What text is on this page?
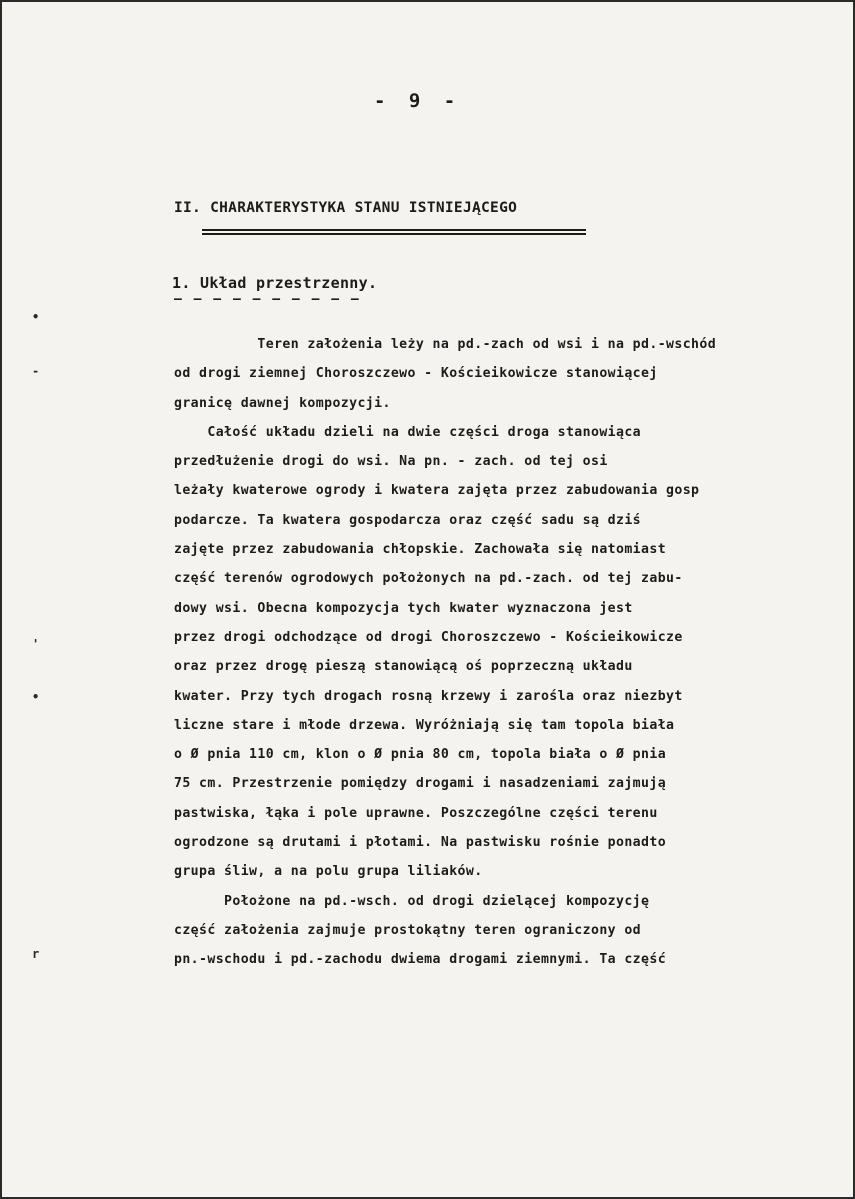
- 9 -
II. CHARAKTERYSTYKA STANU ISTNIEJĄCEGO
1. Układ przestrzenny.
— — — — — — — — — —
•
-
'
•
r
Teren założenia leży na pd.-zach od wsi i na pd.-wschód
od drogi ziemnej Choroszczewo - Kościeikowicze stanowiącej
granicę dawnej kompozycji.
Całość układu dzieli na dwie części droga stanowiąca
przedłużenie drogi do wsi. Na pn. - zach. od tej osi
leżały kwaterowe ogrody i kwatera zajęta przez zabudowania gosp
podarcze. Ta kwatera gospodarcza oraz część sadu są dziś
zajęte przez zabudowania chłopskie. Zachowała się natomiast
część terenów ogrodowych położonych na pd.-zach. od tej zabu-
dowy wsi. Obecna kompozycja tych kwater wyznaczona jest
przez drogi odchodzące od drogi Choroszczewo - Kościeikowicze
oraz przez drogę pieszą stanowiącą oś poprzeczną układu
kwater. Przy tych drogach rosną krzewy i zarośla oraz niezbyt
liczne stare i młode drzewa. Wyróżniają się tam topola biała
o Ø pnia 110 cm, klon o Ø pnia 80 cm, topola biała o Ø pnia
75 cm. Przestrzenie pomiędzy drogami i nasadzeniami zajmują
pastwiska, łąka i pole uprawne. Poszczególne części terenu
ogrodzone są drutami i płotami. Na pastwisku rośnie ponadto
grupa śliw, a na polu grupa liliaków.
Położone na pd.-wsch. od drogi dzielącej kompozycję
część założenia zajmuje prostokątny teren ograniczony od
pn.-wschodu i pd.-zachodu dwiema drogami ziemnymi. Ta część
